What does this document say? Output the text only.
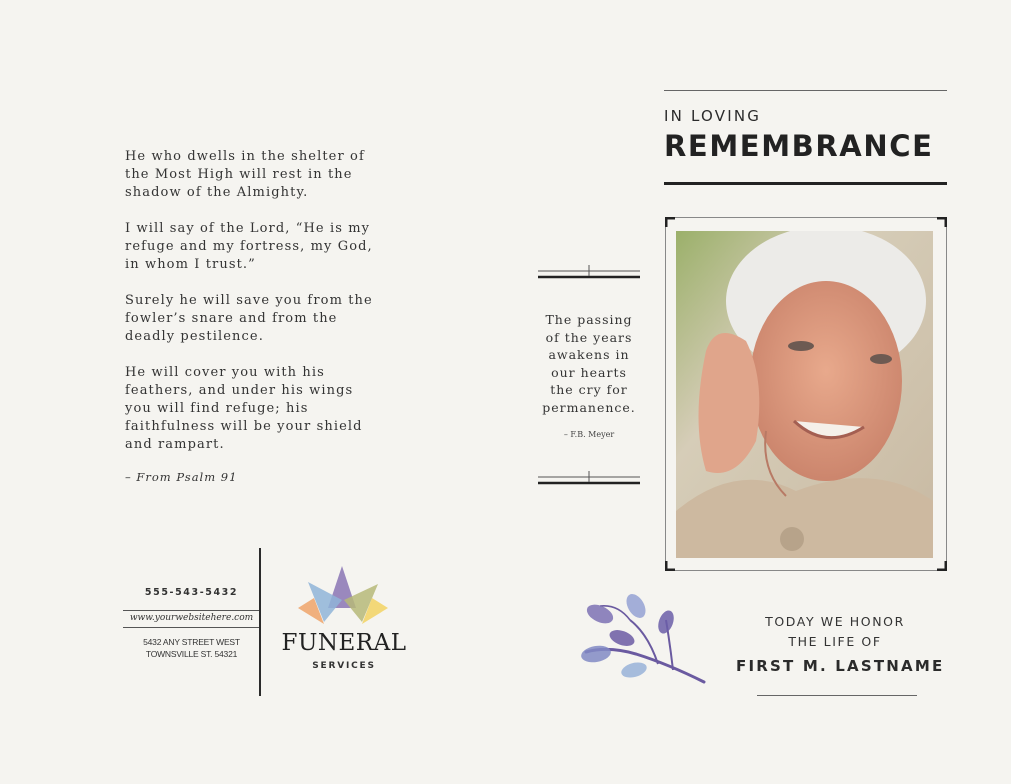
He who dwells in the shelter of
the Most High will rest in the
shadow of the Almighty.

I will say of the Lord, “He is my
refuge and my fortress, my God,
in whom I trust.”

Surely he will save you from the
fowler’s snare and from the
deadly pestilence.

He will cover you with his
feathers, and under his wings
you will find refuge; his
faithfulness will be your shield
and rampart.

– From Psalm 91
555-543-5432
www.yourwebsitehere.com
5432 ANY STREET WEST
TOWNSVILLE ST. 54321	FUNERAL
SERVICES
The passing
of the years
awakens in
our hearts
the cry for
permanence.
– F.B. Meyer
IN LOVING
REMEMBRANCE
TODAY WE HONOR
THE LIFE OF
FIRST M. LASTNAME
